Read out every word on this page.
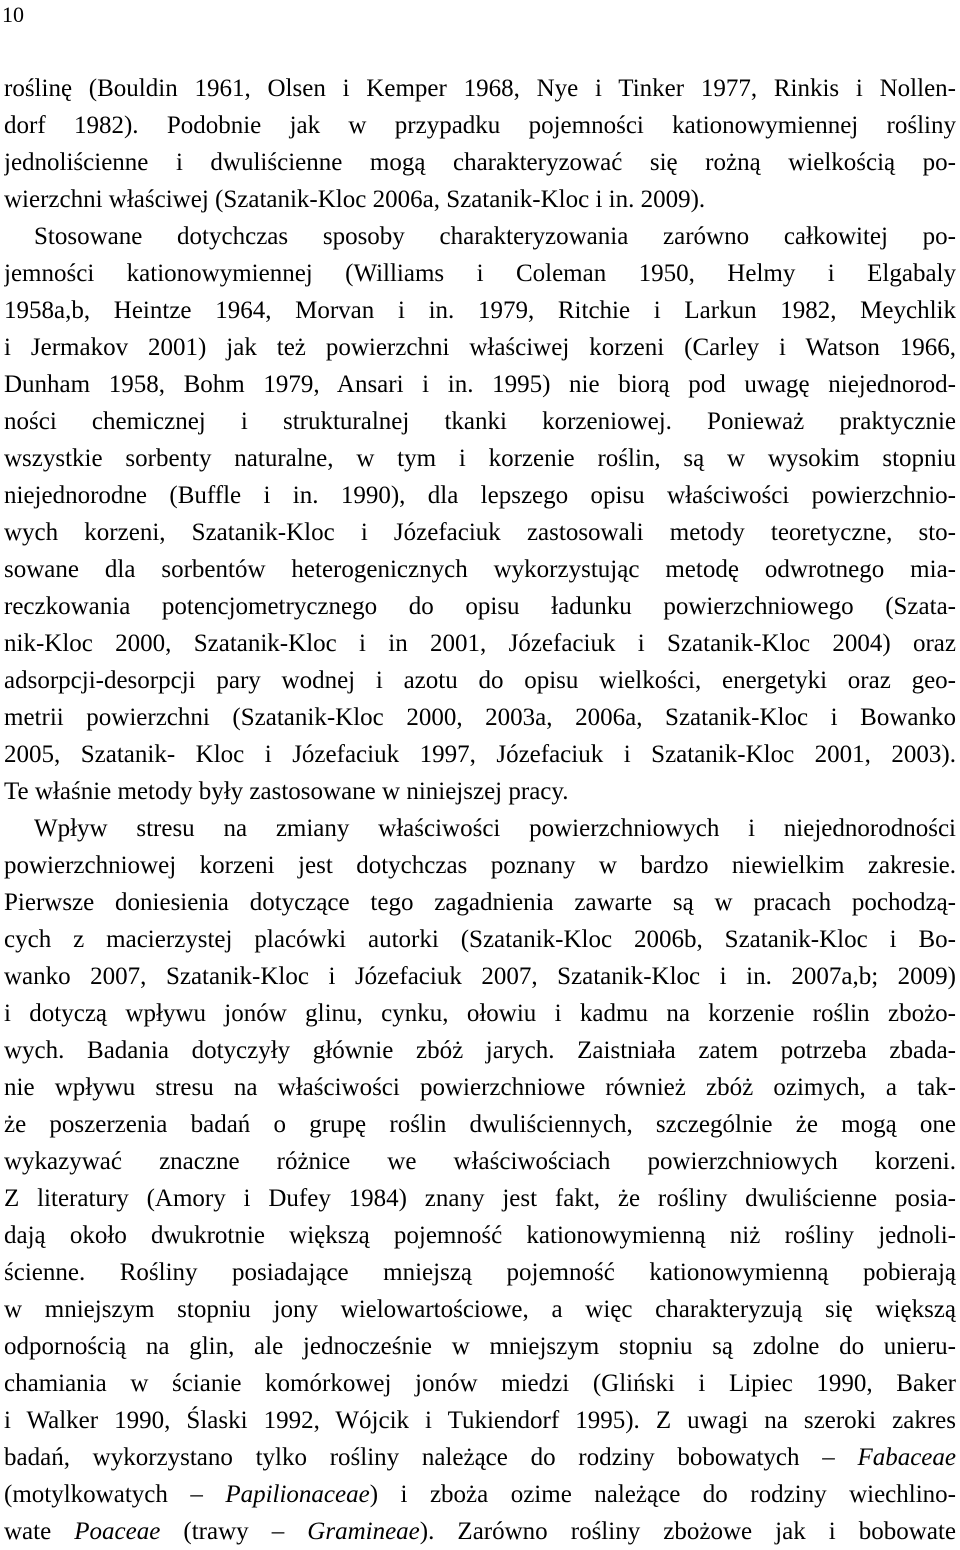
10
roślinę (Bouldin 1961, Olsen i Kemper 1968, Nye i Tinker 1977, Rinkis i Nollen-
dorf 1982). Podobnie jak w przypadku pojemności kationowymiennej rośliny
jednoliścienne i dwuliścienne mogą charakteryzować się rożną wielkością po-
wierzchni właściwej (Szatanik-Kloc 2006a, Szatanik-Kloc i in. 2009).
Stosowane dotychczas sposoby charakteryzowania zarówno całkowitej po-
jemności kationowymiennej (Williams i Coleman 1950, Helmy i Elgabaly
1958a,b, Heintze 1964, Morvan i in. 1979, Ritchie i Larkun 1982, Meychlik
i Jermakov 2001) jak też powierzchni właściwej korzeni (Carley i Watson 1966,
Dunham 1958, Bohm 1979, Ansari i in. 1995) nie biorą pod uwagę niejednorod-
ności chemicznej i strukturalnej tkanki korzeniowej. Ponieważ praktycznie
wszystkie sorbenty naturalne, w tym i korzenie roślin, są w wysokim stopniu
niejednorodne (Buffle i in. 1990), dla lepszego opisu właściwości powierzchnio-
wych korzeni, Szatanik-Kloc i Józefaciuk zastosowali metody teoretyczne, sto-
sowane dla sorbentów heterogenicznych wykorzystując metodę odwrotnego mia-
reczkowania potencjometrycznego do opisu ładunku powierzchniowego (Szata-
nik-Kloc 2000, Szatanik-Kloc i in 2001, Józefaciuk i Szatanik-Kloc 2004) oraz
adsorpcji-desorpcji pary wodnej i azotu do opisu wielkości, energetyki oraz geo-
metrii powierzchni (Szatanik-Kloc 2000, 2003a, 2006a, Szatanik-Kloc i Bowanko
2005, Szatanik- Kloc i Józefaciuk 1997, Józefaciuk i Szatanik-Kloc 2001, 2003).
Te właśnie metody były zastosowane w niniejszej pracy.
Wpływ stresu na zmiany właściwości powierzchniowych i niejednorodności
powierzchniowej korzeni jest dotychczas poznany w bardzo niewielkim zakresie.
Pierwsze doniesienia dotyczące tego zagadnienia zawarte są w pracach pochodzą-
cych z macierzystej placówki autorki (Szatanik-Kloc 2006b, Szatanik-Kloc i Bo-
wanko 2007, Szatanik-Kloc i Józefaciuk 2007, Szatanik-Kloc i in. 2007a,b; 2009)
i dotyczą wpływu jonów glinu, cynku, ołowiu i kadmu na korzenie roślin zbożo-
wych. Badania dotyczyły głównie zbóż jarych. Zaistniała zatem potrzeba zbada-
nie wpływu stresu na właściwości powierzchniowe również zbóż ozimych, a tak-
że poszerzenia badań o grupę roślin dwuliściennych, szczególnie że mogą one
wykazywać znaczne różnice we właściwościach powierzchniowych korzeni.
Z literatury (Amory i Dufey 1984) znany jest fakt, że rośliny dwuliścienne posia-
dają około dwukrotnie większą pojemność kationowymienną niż rośliny jednoli-
ścienne. Rośliny posiadające mniejszą pojemność kationowymienną pobierają
w mniejszym stopniu jony wielowartościowe, a więc charakteryzują się większą
odpornością na glin, ale jednocześnie w mniejszym stopniu są zdolne do unieru-
chamiania w ścianie komórkowej jonów miedzi (Gliński i Lipiec 1990, Baker
i Walker 1990, Ślaski 1992, Wójcik i Tukiendorf 1995). Z uwagi na szeroki zakres
badań, wykorzystano tylko rośliny należące do rodziny bobowatych – Fabaceae
(motylkowatych – Papilionaceae) i zboża ozime należące do rodziny wiechlino-
wate Poaceae (trawy – Gramineae). Zarówno rośliny zbożowe jak i bobowate
